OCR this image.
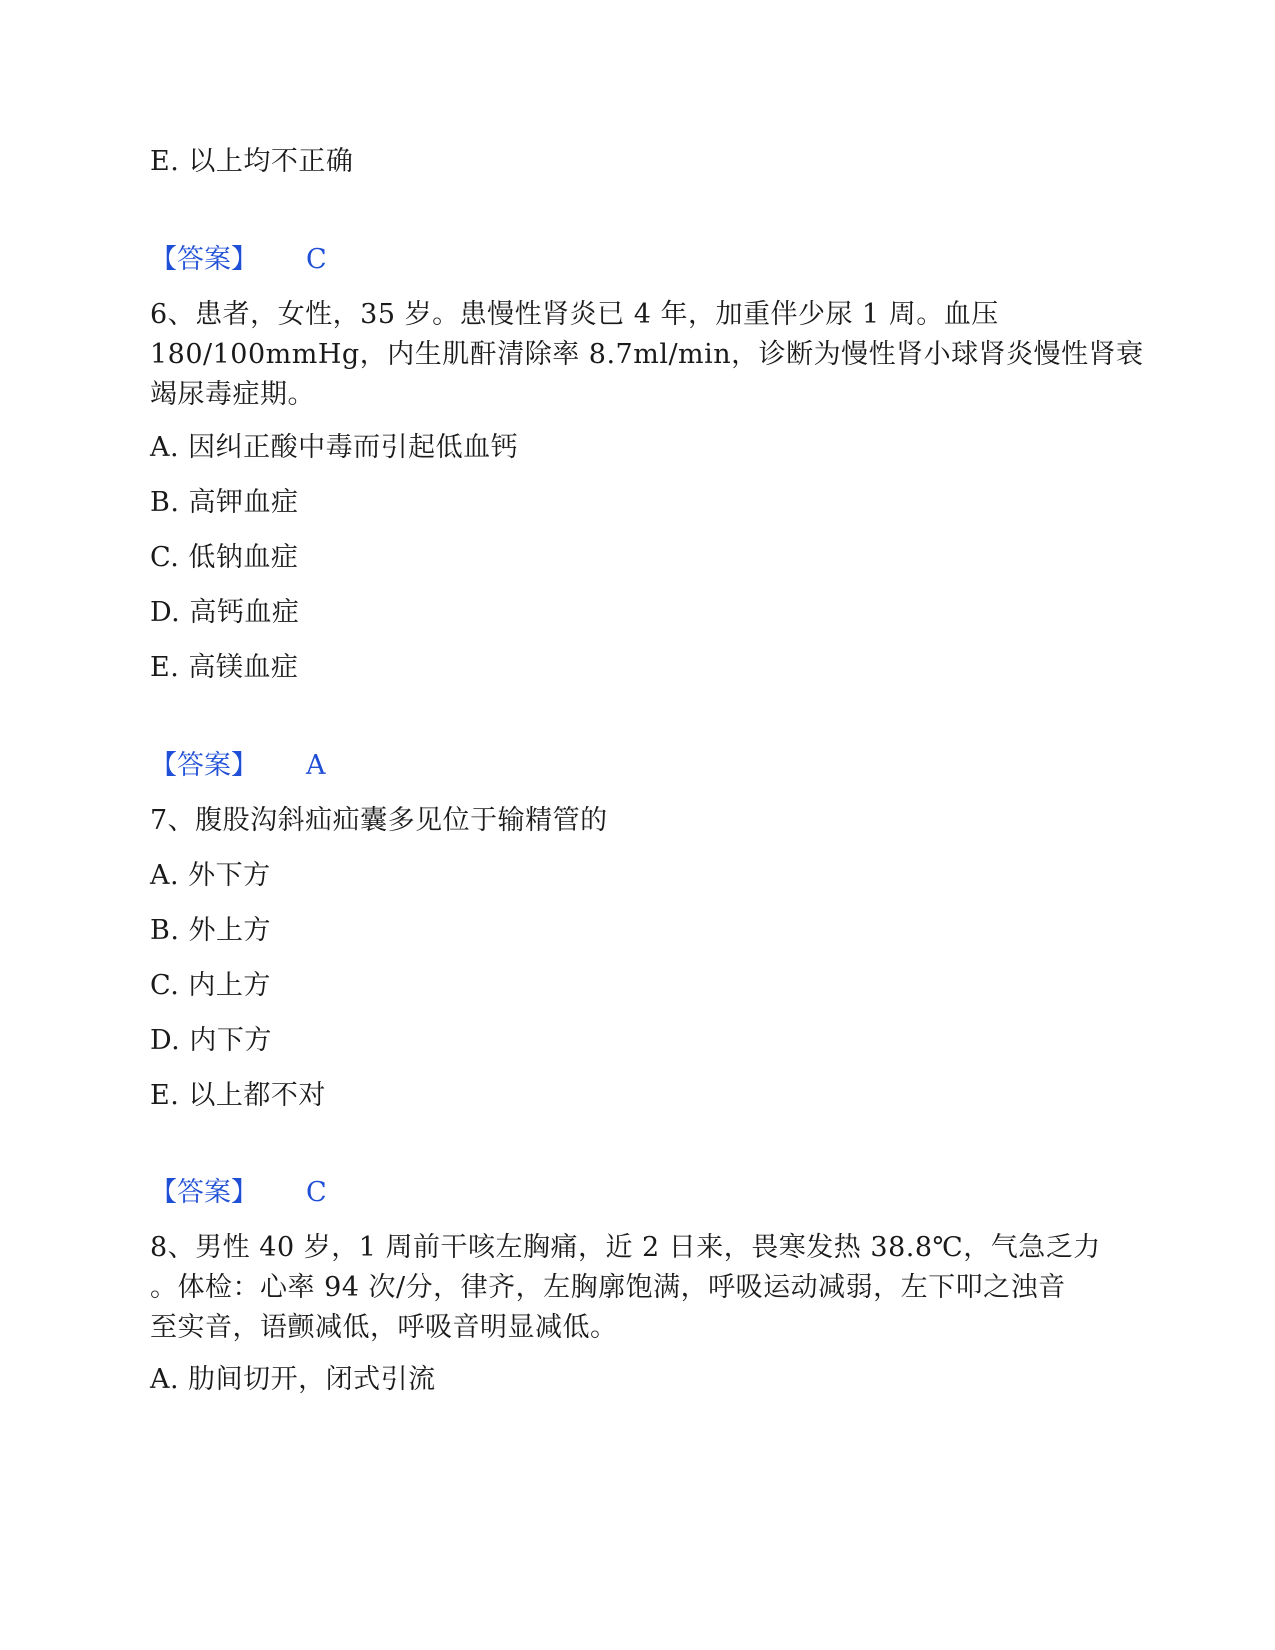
E. 以上均不正确
【答案】 C
6、患者，女性，35 岁。患慢性肾炎已 4 年，加重伴少尿 1 周。血压
180/100mmHg，内生肌酐清除率 8.7ml/min，诊断为慢性肾小球肾炎慢性肾衰
竭尿毒症期。
A. 因纠正酸中毒而引起低血钙
B. 高钾血症
C. 低钠血症
D. 高钙血症
E. 高镁血症
【答案】 A
7、腹股沟斜疝疝囊多见位于输精管的
A. 外下方
B. 外上方
C. 内上方
D. 内下方
E. 以上都不对
【答案】 C
8、男性 40 岁，1 周前干咳左胸痛，近 2 日来，畏寒发热 38.8℃，气急乏力
。体检：心率 94 次/分，律齐，左胸廓饱满，呼吸运动减弱，左下叩之浊音
至实音，语颤减低，呼吸音明显减低。
A. 肋间切开，闭式引流
